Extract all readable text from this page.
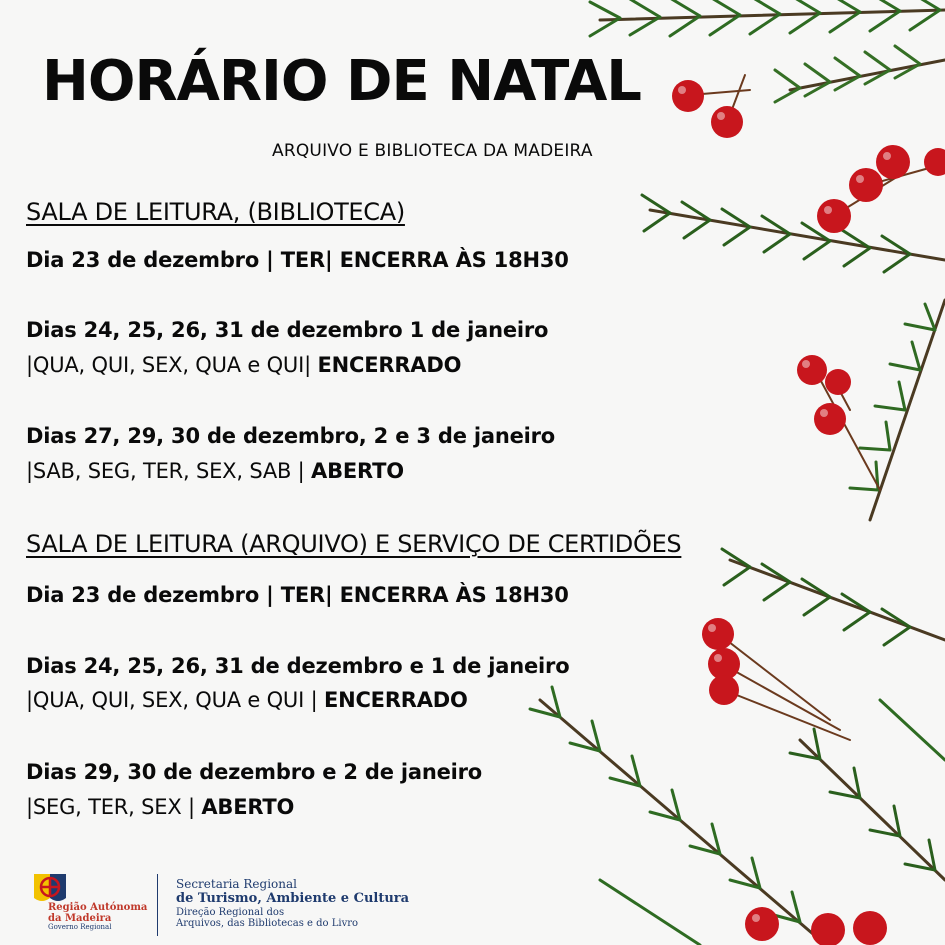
HORÁRIO DE NATAL
ARQUIVO E BIBLIOTECA DA MADEIRA
SALA DE LEITURA, (BIBLIOTECA)

Dia 23 de dezembro | TER| ENCERRA ÀS 18H30

Dias 24, 25, 26, 31 de dezembro 1 de janeiro

|QUA, QUI, SEX, QUA e QUI| ENCERRADO

Dias 27, 29, 30 de dezembro, 2 e 3 de janeiro

|SAB, SEG, TER, SEX, SAB | ABERTO

SALA DE LEITURA (ARQUIVO) E SERVIÇO DE CERTIDÕES

Dia 23 de dezembro | TER| ENCERRA ÀS 18H30

Dias 24, 25, 26, 31 de dezembro e 1 de janeiro

|QUA, QUI, SEX, QUA e QUI | ENCERRADO

Dias 29, 30 de dezembro e 2 de janeiro

|SEG, TER, SEX | ABERTO

Região Autónoma
da Madeira
Governo Regional
Secretaria Regional
de Turismo, Ambiente e Cultura
Direção Regional dos
Arquivos, das Bibliotecas e do Livro
